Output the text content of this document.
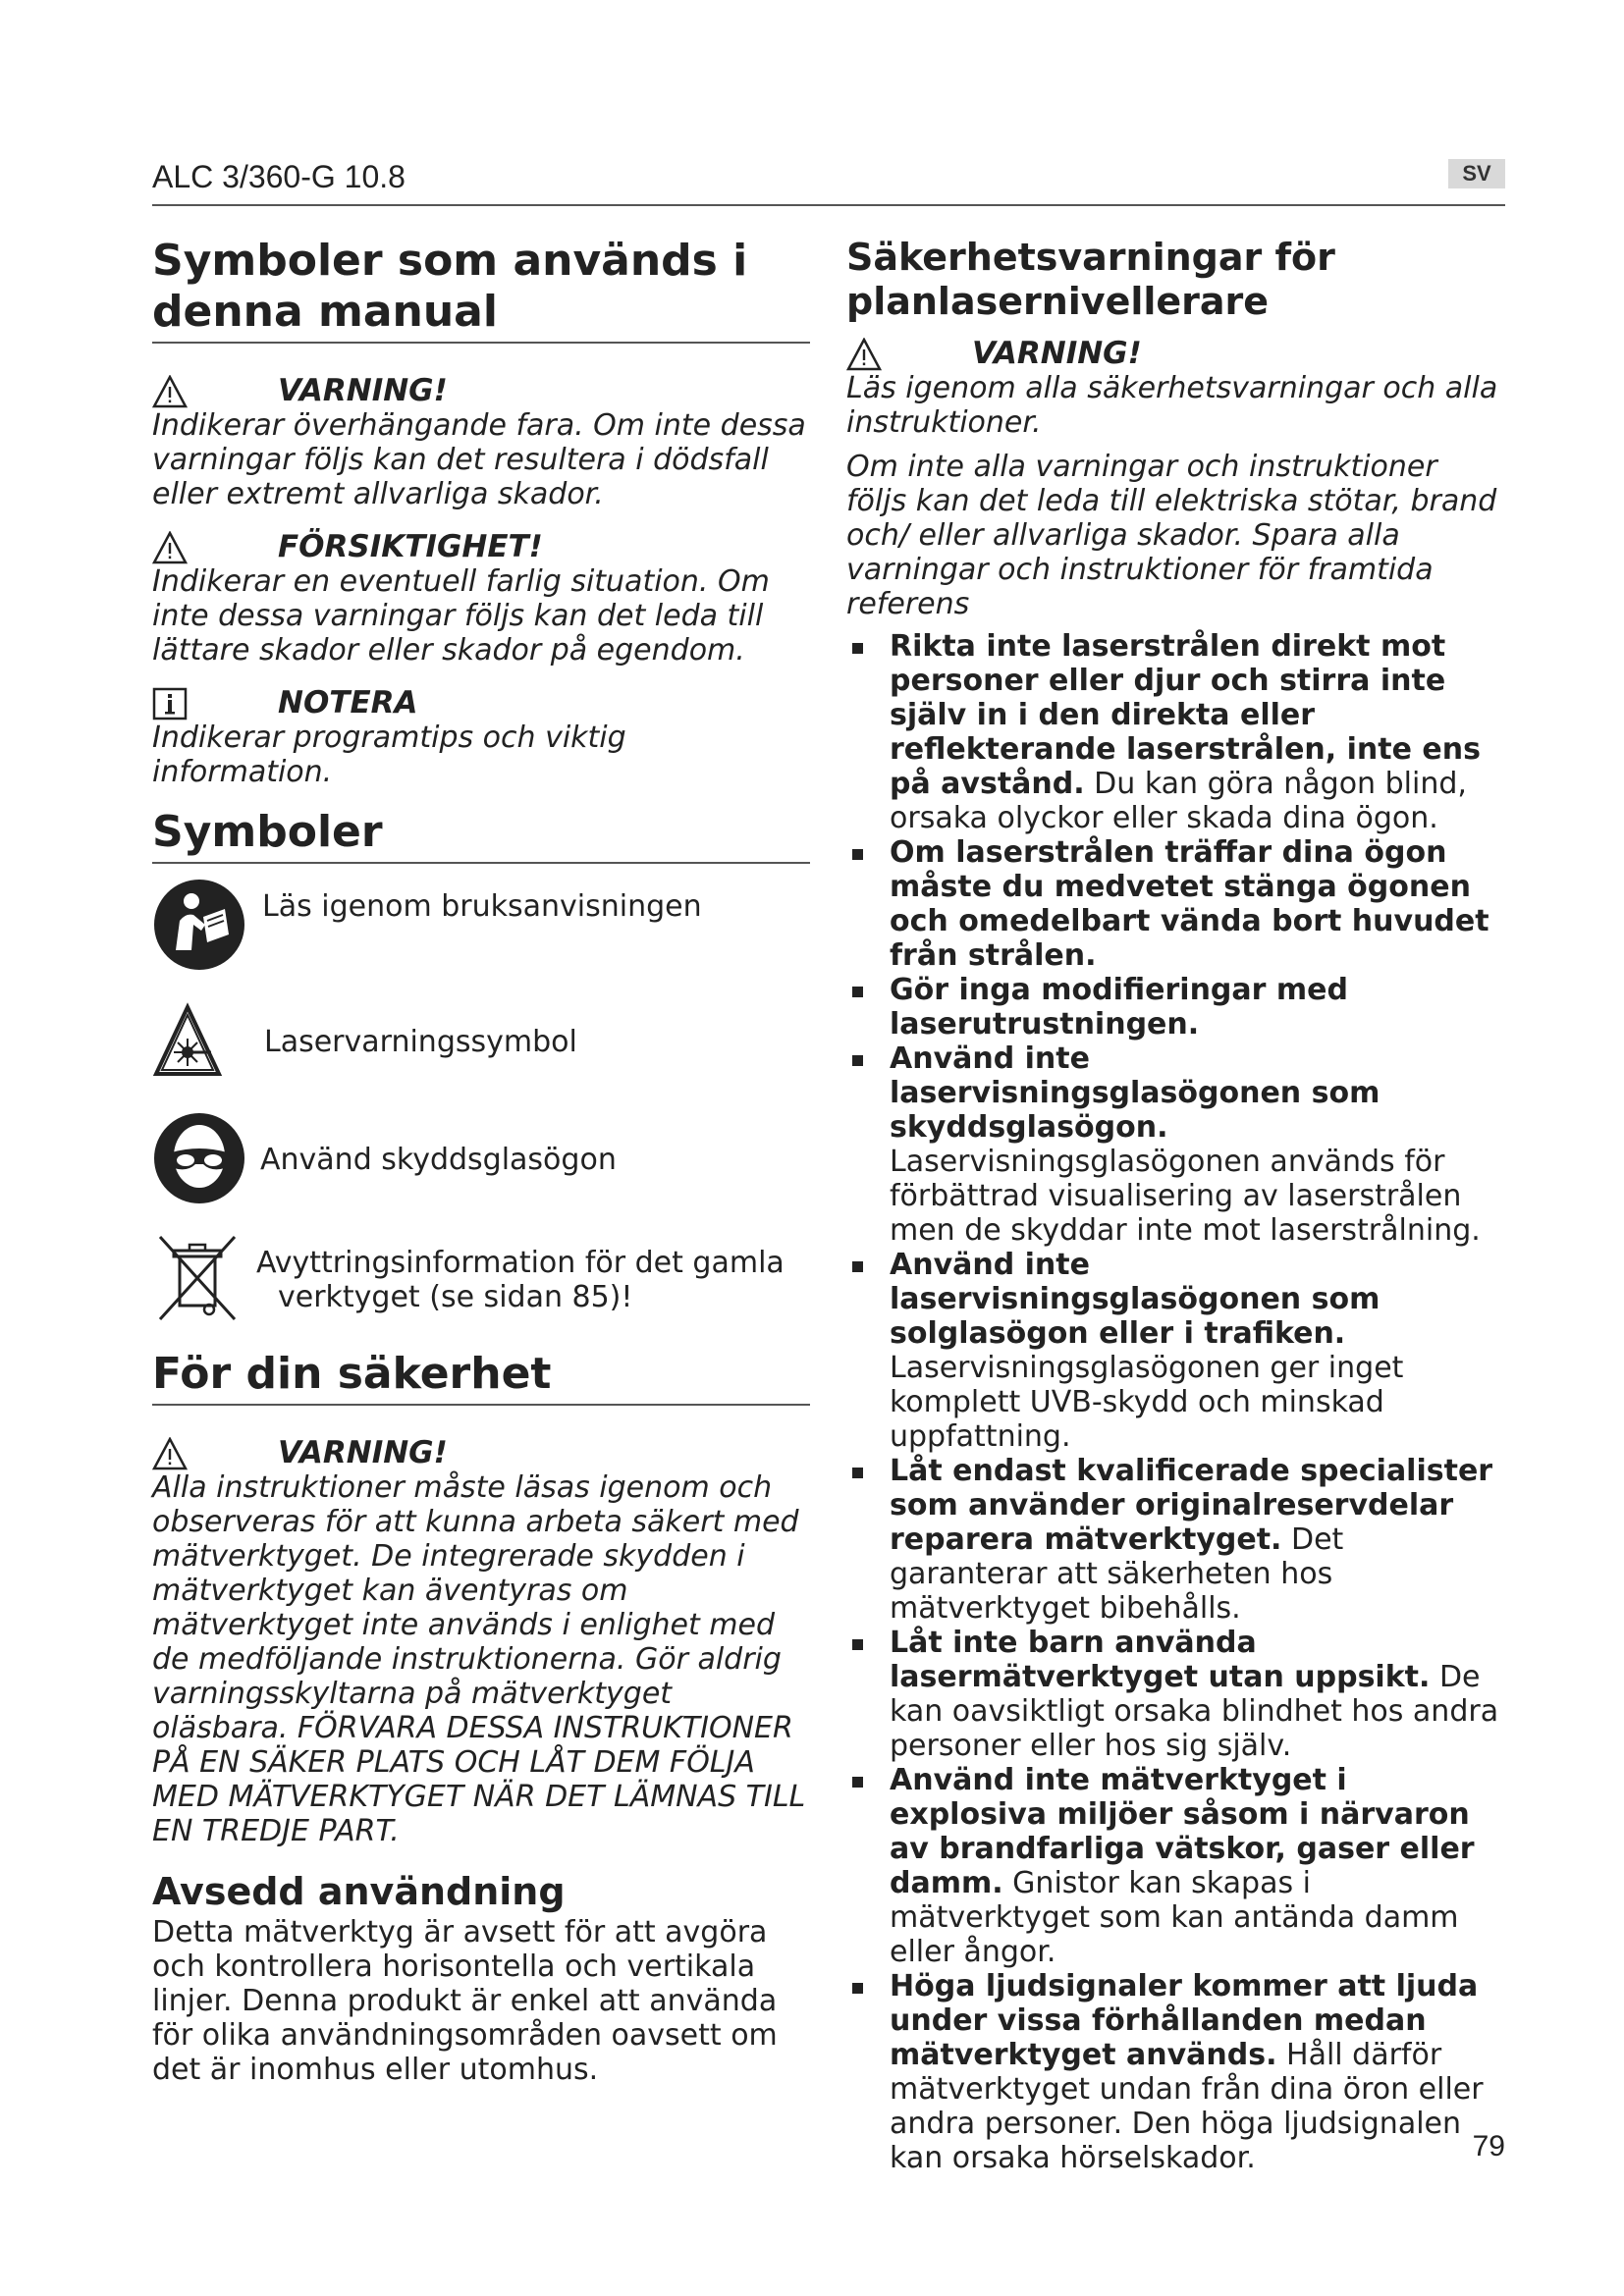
ALC 3/360-G 10.8	SV
Symboler som används i denna manual
VARNING!

Indikerar överhängande fara. Om inte dessa varningar följs kan det resultera i dödsfall eller extremt allvarliga skador.

FÖRSIKTIGHET!

Indikerar en eventuell farlig situation. Om inte dessa varningar följs kan det leda till lättare skador eller skador på egendom.

NOTERA

Indikerar programtips och viktig information.

Symboler
Läs igenom bruksanvisningen
Laservarningssymbol
Använd skyddsglasögon
Avyttringsinformation för det gamla
verktyget (se sidan 85)!
För din säkerhet
VARNING!

Alla instruktioner måste läsas igenom och observeras för att kunna arbeta säkert med mätverktyget. De integrerade skydden i mätverktyget kan äventyras om mätverktyget inte används i enlighet med de medföljande instruktionerna. Gör aldrig varningsskyltarna på mätverktyget oläsbara. FÖRVARA DESSA INSTRUKTIONER PÅ EN SÄKER PLATS OCH LÅT DEM FÖLJA MED MÄTVERKTYGET NÄR DET LÄMNAS TILL EN TREDJE PART.

Avsedd användning

Detta mätverktyg är avsett för att avgöra och kontrollera horisontella och vertikala linjer. Denna produkt är enkel att använda för olika användningsområden oavsett om det är inomhus eller utomhus.

Säkerhetsvarningar för planlasernivellerare
VARNING!

Läs igenom alla säkerhetsvarningar och alla instruktioner.

Om inte alla varningar och instruktioner följs kan det leda till elektriska stötar, brand och/ eller allvarliga skador. Spara alla varningar och instruktioner för framtida referens

Rikta inte laserstrålen direkt mot personer eller djur och stirra inte själv in i den direkta eller reflekterande laserstrålen, inte ens på avstånd. Du kan göra någon blind, orsaka olyckor eller skada dina ögon.
Om laserstrålen träffar dina ögon måste du medvetet stänga ögonen och omedelbart vända bort huvudet från strålen.
Gör inga modifieringar med laserutrustningen.
Använd inte laservisningsglasögonen som skyddsglasögon. Laservisningsglasögonen används för förbättrad visualisering av laserstrålen men de skyddar inte mot laserstrålning.
Använd inte laservisningsglasögonen som solglasögon eller i trafiken. Laservisningsglasögonen ger inget komplett UVB-skydd och minskad uppfattning.
Låt endast kvalificerade specialister som använder originalreservdelar reparera mätverktyget. Det garanterar att säkerheten hos mätverktyget bibehålls.
Låt inte barn använda lasermätverktyget utan uppsikt. De kan oavsiktligt orsaka blindhet hos andra personer eller hos sig själv.
Använd inte mätverktyget i explosiva miljöer såsom i närvaron av brandfarliga vätskor, gaser eller damm. Gnistor kan skapas i mätverktyget som kan antända damm eller ångor.
Höga ljudsignaler kommer att ljuda under vissa förhållanden medan mätverktyget används. Håll därför mätverktyget undan från dina öron eller andra personer. Den höga ljudsignalen kan orsaka hörselskador.	79
